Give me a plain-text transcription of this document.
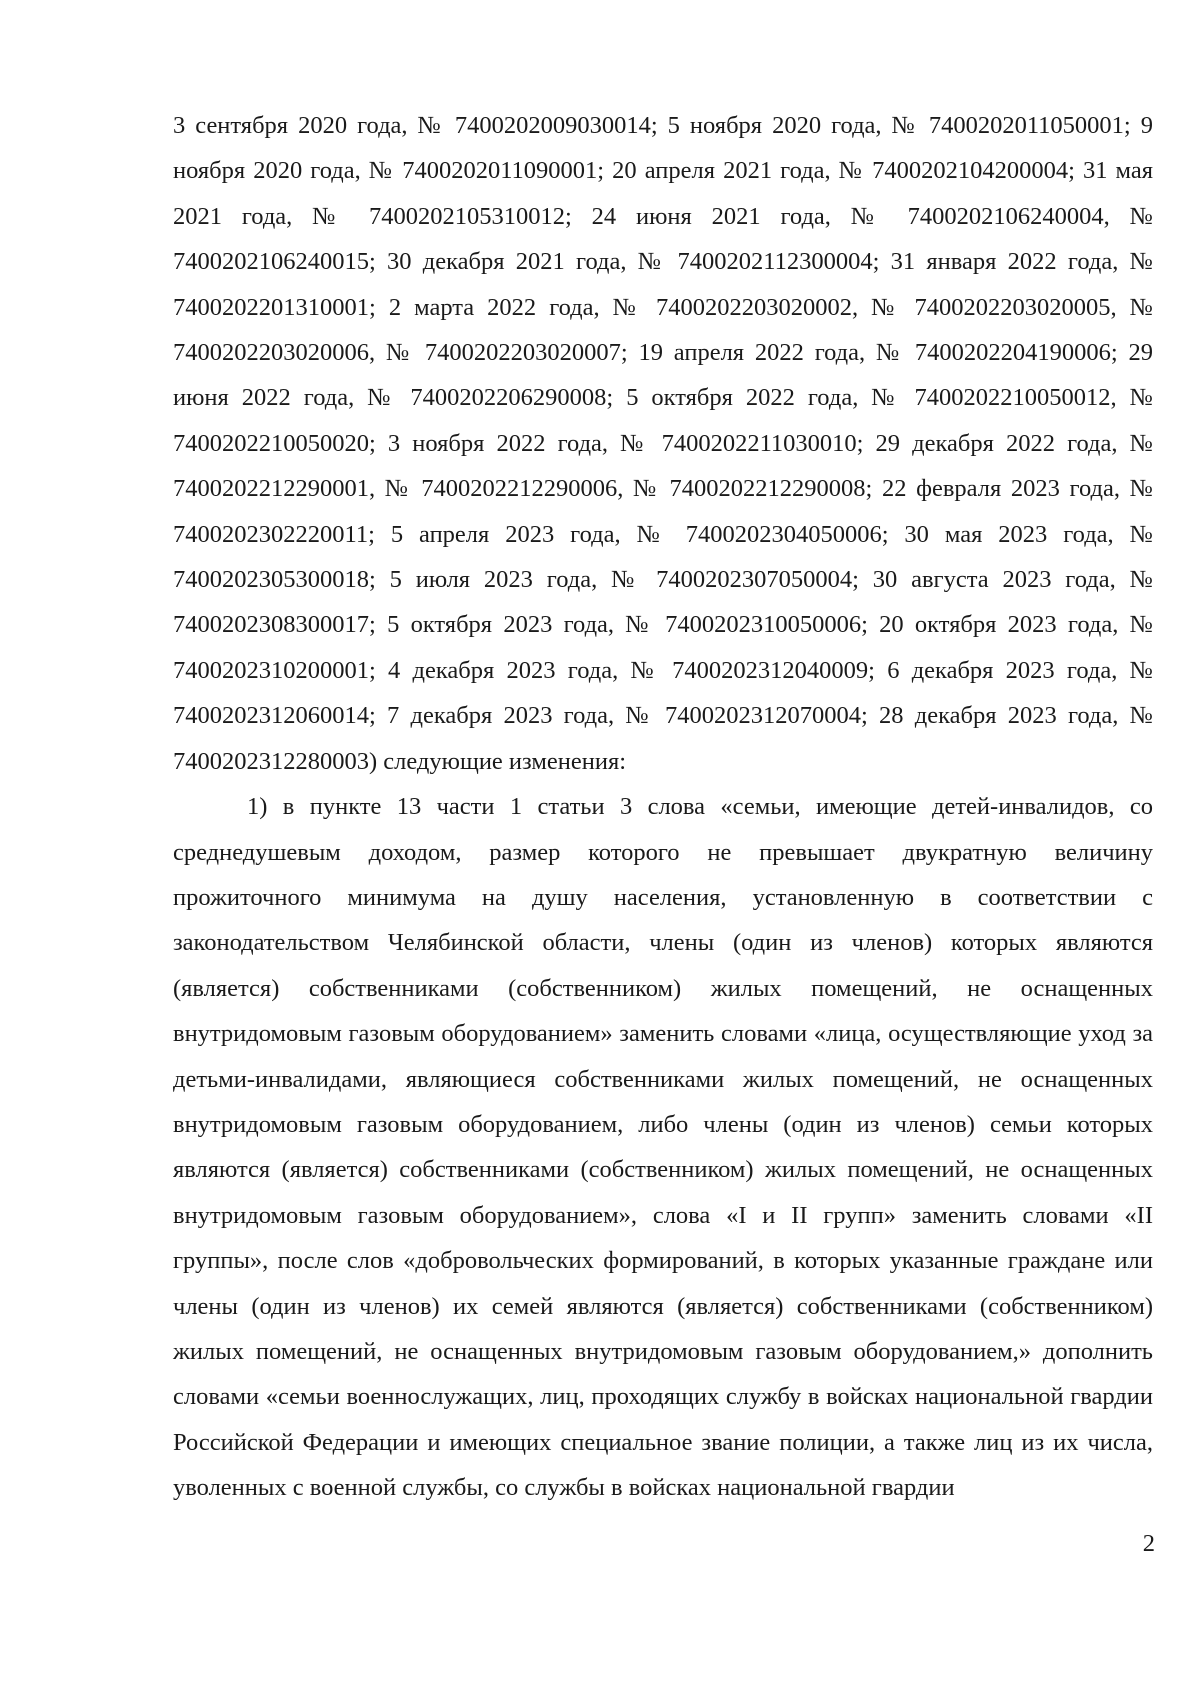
3 сентября 2020 года, № 7400202009030014; 5 ноября 2020 года, № 7400202011050001; 9 ноября 2020 года, № 7400202011090001; 20 апреля 2021 года, № 7400202104200004; 31 мая 2021 года, № 7400202105310012; 24 июня 2021 года, № 7400202106240004, № 7400202106240015; 30 декабря 2021 года, № 7400202112300004; 31 января 2022 года, № 7400202201310001; 2 марта 2022 года, № 7400202203020002, № 7400202203020005, № 7400202203020006, № 7400202203020007; 19 апреля 2022 года, № 7400202204190006; 29 июня 2022 года, № 7400202206290008; 5 октября 2022 года, № 7400202210050012, № 7400202210050020; 3 ноября 2022 года, № 7400202211030010; 29 декабря 2022 года, № 7400202212290001, № 7400202212290006, № 7400202212290008; 22 февраля 2023 года, № 7400202302220011; 5 апреля 2023 года, № 7400202304050006; 30 мая 2023 года, № 7400202305300018; 5 июля 2023 года, № 7400202307050004; 30 августа 2023 года, № 7400202308300017; 5 октября 2023 года, № 7400202310050006; 20 октября 2023 года, № 7400202310200001; 4 декабря 2023 года, № 7400202312040009; 6 декабря 2023 года, № 7400202312060014; 7 декабря 2023 года, № 7400202312070004; 28 декабря 2023 года, № 7400202312280003) следующие изменения:

1) в пункте 13 части 1 статьи 3 слова «семьи, имеющие детей-инвалидов, со среднедушевым доходом, размер которого не превышает двукратную величину прожиточного минимума на душу населения, установленную в соответствии с законодательством Челябинской области, члены (один из членов) которых являются (является) собственниками (собственником) жилых помещений, не оснащенных внутридомовым газовым оборудованием» заменить словами «лица, осуществляющие уход за детьми-инвалидами, являющиеся собственниками жилых помещений, не оснащенных внутридомовым газовым оборудованием, либо члены (один из членов) семьи которых являются (является) собственниками (собственником) жилых помещений, не оснащенных внутридомовым газовым оборудованием», слова «I и II групп» заменить словами «II группы», после слов «добровольческих формирований, в которых указанные граждане или члены (один из членов) их семей являются (является) собственниками (собственником) жилых помещений, не оснащенных внутридомовым газовым оборудованием,» дополнить словами «семьи военнослужащих, лиц, проходящих службу в войсках национальной гвардии Российской Федерации и имеющих специальное звание полиции, а также лиц из их числа, уволенных с военной службы, со службы в войсках национальной гвардии

2
